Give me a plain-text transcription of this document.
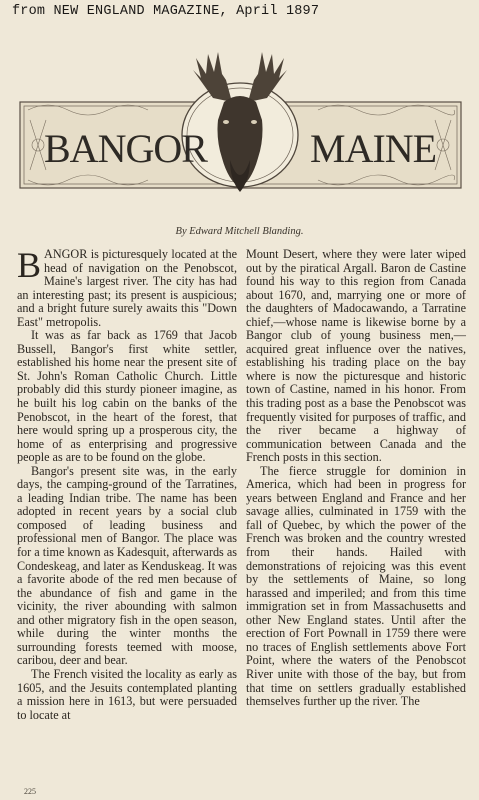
from NEW ENGLAND MAGAZINE, April 1897
BANGOR	MAINE
By Edward Mitchell Blanding.

BANGOR is picturesquely located at the head of navigation on the Penobscot, Maine's largest river. The city has had an interesting past; its present is auspicious; and a bright future surely awaits this "Down East" metropolis.

It was as far back as 1769 that Jacob Bussell, Bangor's first white settler, established his home near the present site of St. John's Roman Catholic Church. Little probably did this sturdy pioneer imagine, as he built his log cabin on the banks of the Penobscot, in the heart of the forest, that here would spring up a prosperous city, the home of as enterprising and progressive people as are to be found on the globe.

Bangor's present site was, in the early days, the camping-ground of the Tarratines, a leading Indian tribe. The name has been adopted in recent years by a social club composed of leading business and professional men of Bangor. The place was for a time known as Kadesquit, afterwards as Condeskeag, and later as Kenduskeag. It was a favorite abode of the red men because of the abundance of fish and game in the vicinity, the river abounding with salmon and other migratory fish in the open season, while during the winter months the surrounding forests teemed with moose, caribou, deer and bear.

The French visited the locality as early as 1605, and the Jesuits contemplated planting a mission here in 1613, but were persuaded to locate at

Mount Desert, where they were later wiped out by the piratical Argall. Baron de Castine found his way to this region from Canada about 1670, and, marrying one or more of the daughters of Madocawando, a Tarratine chief,—whose name is likewise borne by a Bangor club of young business men,—acquired great influence over the natives, establishing his trading place on the bay where is now the picturesque and historic town of Castine, named in his honor. From this trading post as a base the Penobscot was frequently visited for purposes of traffic, and the river became a highway of communication between Canada and the French posts in this section.

The fierce struggle for dominion in America, which had been in progress for years between England and France and her savage allies, culminated in 1759 with the fall of Quebec, by which the power of the French was broken and the country wrested from their hands. Hailed with demonstrations of rejoicing was this event by the settlements of Maine, so long harassed and imperiled; and from this time immigration set in from Massachusetts and other New England states. Until after the erection of Fort Pownall in 1759 there were no traces of English settlements above Fort Point, where the waters of the Penobscot River unite with those of the bay, but from that time on settlers gradually established themselves further up the river. The

225
